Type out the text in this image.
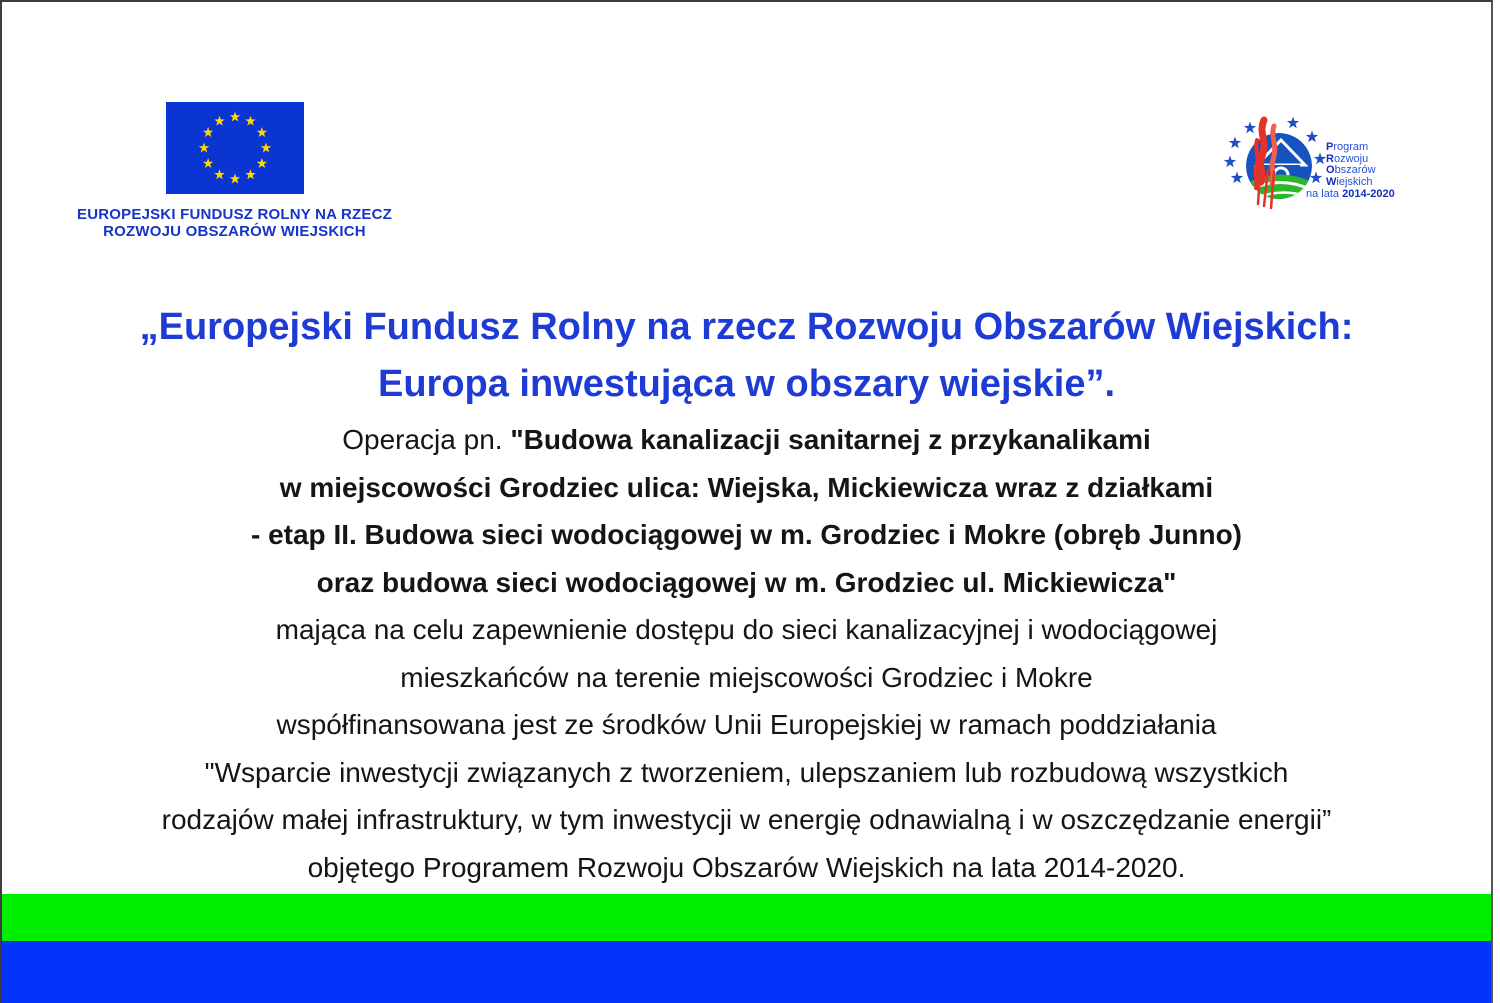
EUROPEJSKI FUNDUSZ ROLNY NA RZECZ
ROZWOJU OBSZARÓW WIEJSKICH
Program
Rozwoju
Obszarów
Wiejskich
na lata 2014-2020
„Europejski Fundusz Rolny na rzecz Rozwoju Obszarów Wiejskich:
Europa inwestująca w obszary wiejskie”.
Operacja pn. "Budowa kanalizacji sanitarnej z przykanalikami
w miejscowości Grodziec ulica: Wiejska, Mickiewicza wraz z działkami
- etap II. Budowa sieci wodociągowej w m. Grodziec i Mokre (obręb Junno)
oraz budowa sieci wodociągowej w m. Grodziec ul. Mickiewicza"
mająca na celu zapewnienie dostępu do sieci kanalizacyjnej i wodociągowej
mieszkańców na terenie miejscowości Grodziec i Mokre
współfinansowana jest ze środków Unii Europejskiej w ramach poddziałania
"Wsparcie inwestycji związanych z tworzeniem, ulepszaniem lub rozbudową wszystkich
rodzajów małej infrastruktury, w tym inwestycji w energię odnawialną i w oszczędzanie energii”
objętego Programem Rozwoju Obszarów Wiejskich na lata 2014-2020.
